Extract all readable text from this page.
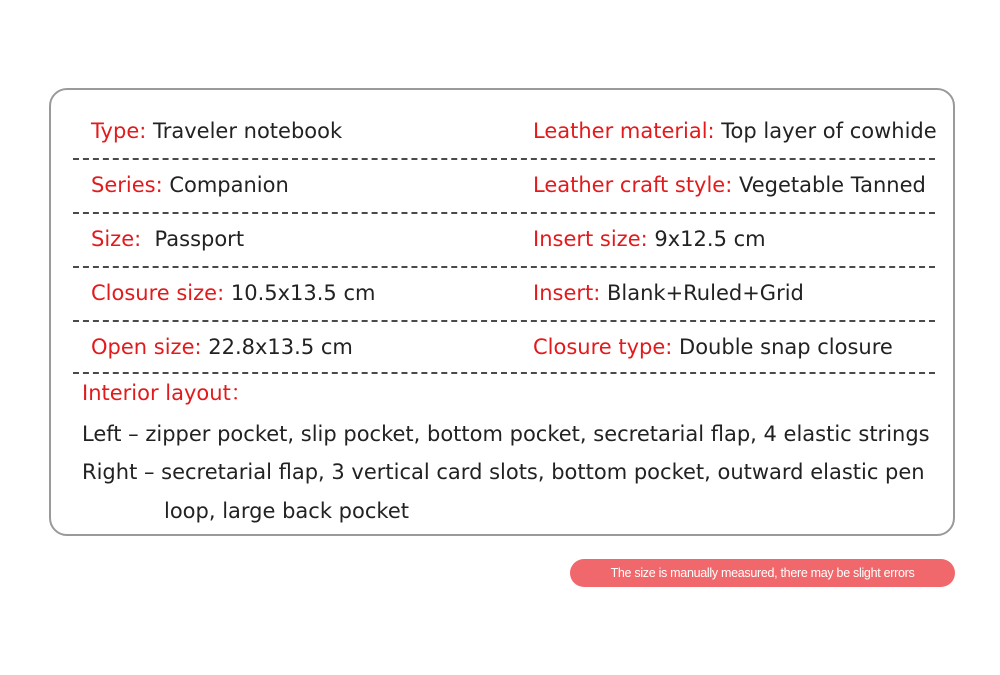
Type: Traveler notebook	Leather material: Top layer of cowhide
Series: Companion	Leather craft style: Vegetable Tanned
Size:  Passport	Insert size: 9x12.5 cm
Closure size: 10.5x13.5 cm	Insert: Blank+Ruled+Grid
Open size: 22.8x13.5 cm	Closure type: Double snap closure
Interior layout：
Left – zipper pocket, slip pocket, bottom pocket, secretarial flap, 4 elastic strings
Right – secretarial flap, 3 vertical card slots, bottom pocket, outward elastic pen
loop, large back pocket
The size is manually measured, there may be slight errors
